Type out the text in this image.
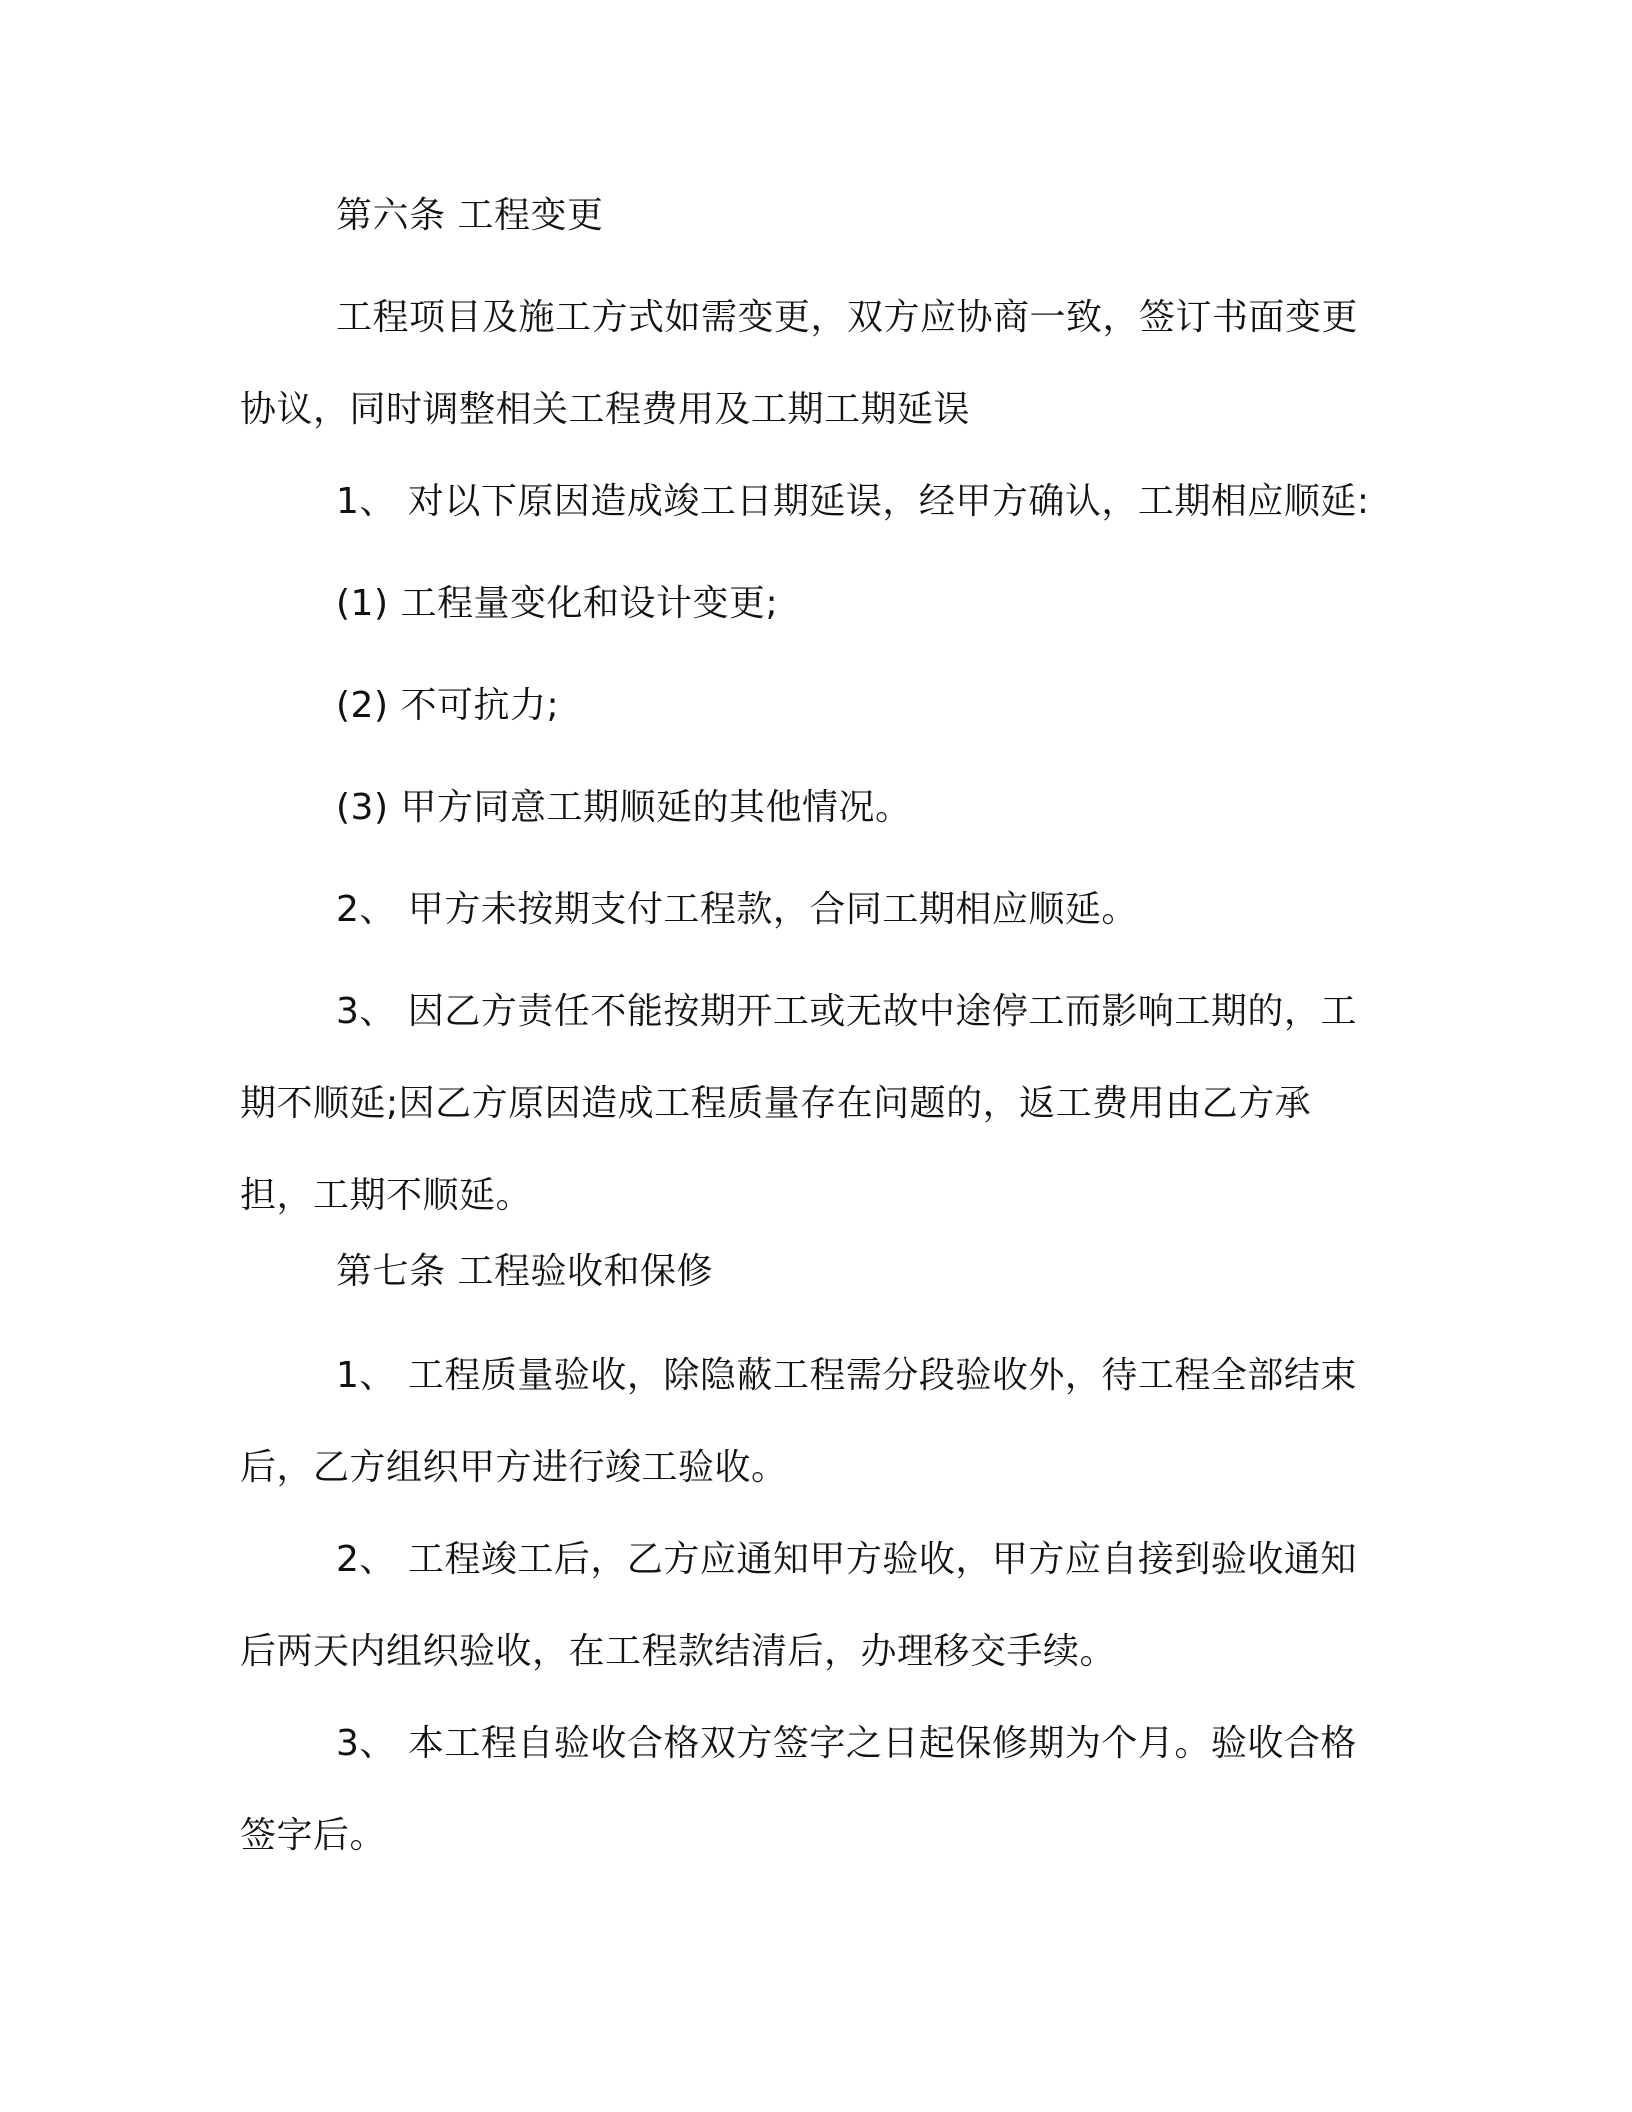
第六条 工程变更

工程项目及施工方式如需变更，双方应协商一致，签订书面变更协议，同时调整相关工程费用及工期工期延误

1、 对以下原因造成竣工日期延误，经甲方确认，工期相应顺延:

(1) 工程量变化和设计变更;

(2) 不可抗力;

(3) 甲方同意工期顺延的其他情况。

2、 甲方未按期支付工程款，合同工期相应顺延。

3、 因乙方责任不能按期开工或无故中途停工而影响工期的，工期不顺延;因乙方原因造成工程质量存在问题的，返工费用由乙方承担，工期不顺延。

第七条 工程验收和保修

1、 工程质量验收，除隐蔽工程需分段验收外，待工程全部结束后，乙方组织甲方进行竣工验收。

2、 工程竣工后，乙方应通知甲方验收，甲方应自接到验收通知后两天内组织验收，在工程款结清后，办理移交手续。

3、 本工程自验收合格双方签字之日起保修期为个月。验收合格签字后。
